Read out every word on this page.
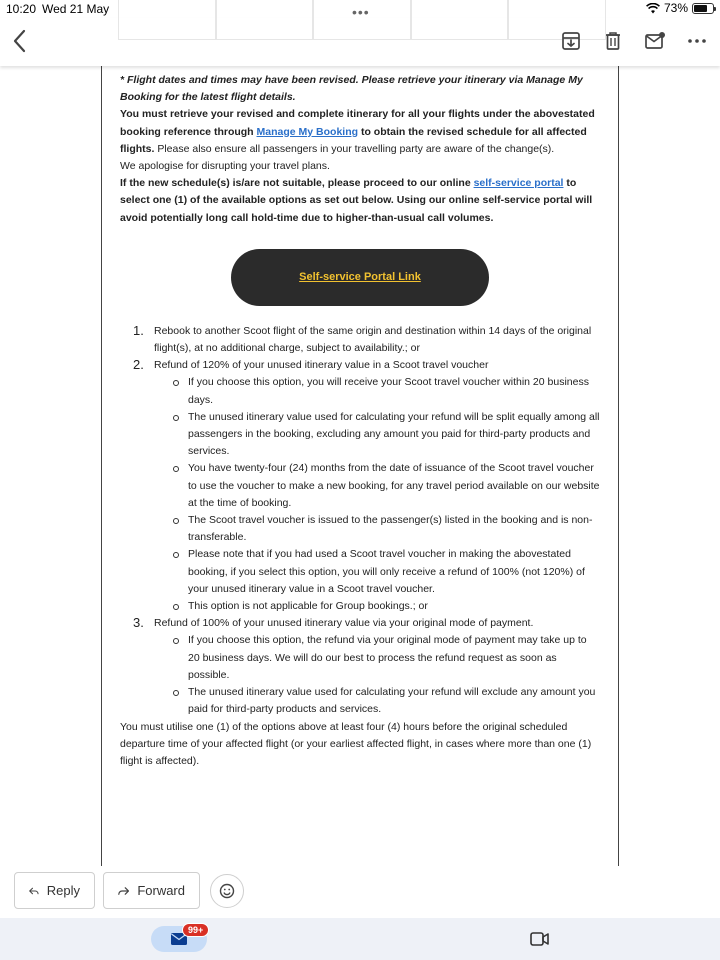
10:20 Wed 21 May	73%
•••

* Flight dates and times may have been revised. Please retrieve your itinerary via Manage My Booking for the latest flight details.

You must retrieve your revised and complete itinerary for all your flights under the abovestated booking reference through Manage My Booking to obtain the revised schedule for all affected flights. Please also ensure all passengers in your travelling party are aware of the change(s).

We apologise for disrupting your travel plans.

If the new schedule(s) is/are not suitable, please proceed to our online self-service portal to select one (1) of the available options as set out below. Using our online self-service portal will avoid potentially long call hold-time due to higher-than-usual call volumes.

Self-service Portal Link
1. Rebook to another Scoot flight of the same origin and destination within 14 days of the original flight(s), at no additional charge, subject to availability.; or
2. Refund of 120% of your unused itinerary value in a Scoot travel voucher
If you choose this option, you will receive your Scoot travel voucher within 20 business days.
The unused itinerary value used for calculating your refund will be split equally among all passengers in the booking, excluding any amount you paid for third-party products and services.
You have twenty-four (24) months from the date of issuance of the Scoot travel voucher to use the voucher to make a new booking, for any travel period available on our website at the time of booking.
The Scoot travel voucher is issued to the passenger(s) listed in the booking and is non-transferable.
Please note that if you had used a Scoot travel voucher in making the abovestated booking, if you select this option, you will only receive a refund of 100% (not 120%) of your unused itinerary value in a Scoot travel voucher.
This option is not applicable for Group bookings.; or
3. Refund of 100% of your unused itinerary value via your original mode of payment.
If you choose this option, the refund via your original mode of payment may take up to 20 business days. We will do our best to process the refund request as soon as possible.
The unused itinerary value used for calculating your refund will exclude any amount you paid for third-party products and services.

You must utilise one (1) of the options above at least four (4) hours before the original scheduled departure time of your affected flight (or your earliest affected flight, in cases where more than one (1) flight is affected).

Reply	Forward
99+
